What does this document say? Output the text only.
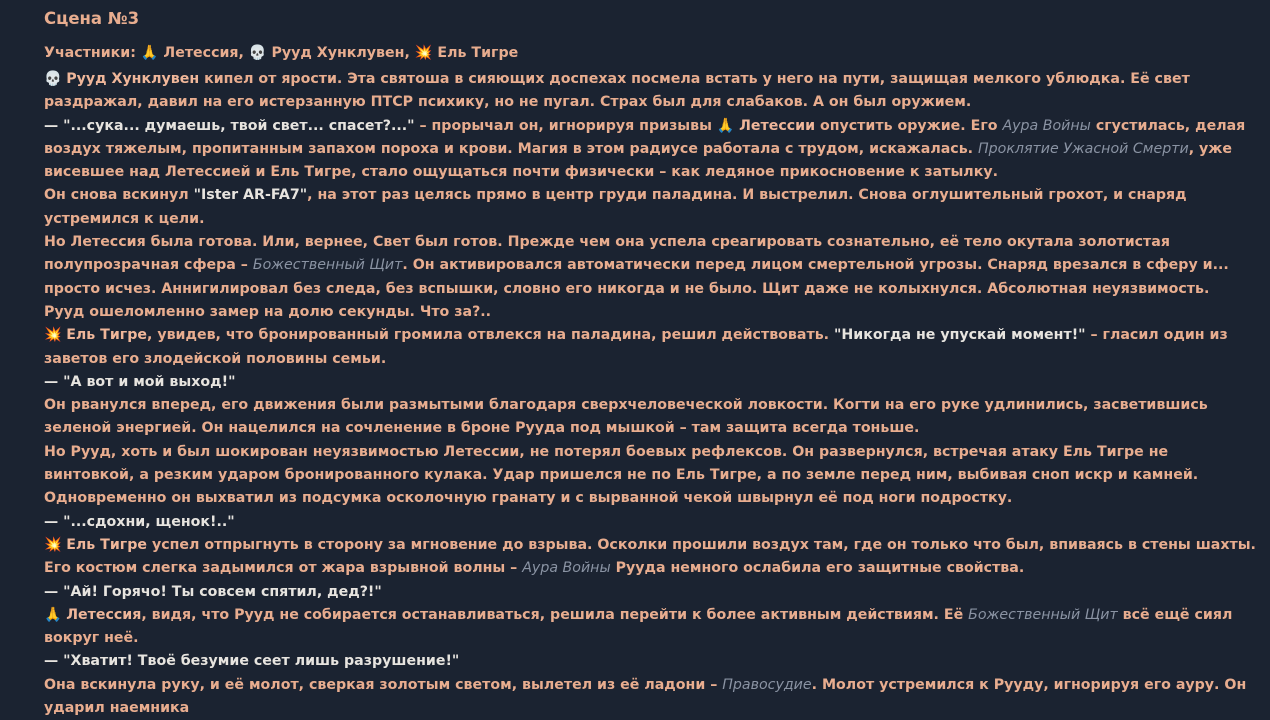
Сцена №3
Участники: 🙏 Летессия, 💀 Рууд Хунклувен, 💥 Ель Тигре

💀 Рууд Хунклувен кипел от ярости. Эта святоша в сияющих доспехах посмела встать у него на пути, защищая мелкого ублюдка. Её свет раздражал, давил на его истерзанную ПТСР психику, но не пугал. Страх был для слабаков. А он был оружием.

— "...сука... думаешь, твой свет... спасет?..." – прорычал он, игнорируя призывы 🙏 Летессии опустить оружие. Его Аура Войны сгустилась, делая воздух тяжелым, пропитанным запахом пороха и крови. Магия в этом радиусе работала с трудом, искажалась. Проклятие Ужасной Смерти, уже висевшее над Летессией и Ель Тигре, стало ощущаться почти физически – как ледяное прикосновение к затылку.

Он снова вскинул "Ister AR-FA7", на этот раз целясь прямо в центр груди паладина. И выстрелил. Снова оглушительный грохот, и снаряд устремился к цели.

Но Летессия была готова. Или, вернее, Свет был готов. Прежде чем она успела среагировать сознательно, её тело окутала золотистая полупрозрачная сфера – Божественный Щит. Он активировался автоматически перед лицом смертельной угрозы. Снаряд врезался в сферу и... просто исчез. Аннигилировал без следа, без вспышки, словно его никогда и не было. Щит даже не колыхнулся. Абсолютная неуязвимость.

Рууд ошеломленно замер на долю секунды. Что за?..

💥 Ель Тигре, увидев, что бронированный громила отвлекся на паладина, решил действовать. "Никогда не упускай момент!" – гласил один из заветов его злодейской половины семьи.

— "А вот и мой выход!"

Он рванулся вперед, его движения были размытыми благодаря сверхчеловеческой ловкости. Когти на его руке удлинились, засветившись зеленой энергией. Он нацелился на сочленение в броне Рууда под мышкой – там защита всегда тоньше.

Но Рууд, хоть и был шокирован неуязвимостью Летессии, не потерял боевых рефлексов. Он развернулся, встречая атаку Ель Тигре не винтовкой, а резким ударом бронированного кулака. Удар пришелся не по Ель Тигре, а по земле перед ним, выбивая сноп искр и камней. Одновременно он выхватил из подсумка осколочную гранату и с вырванной чекой швырнул её под ноги подростку.

— "...сдохни, щенок!.."

💥 Ель Тигре успел отпрыгнуть в сторону за мгновение до взрыва. Осколки прошили воздух там, где он только что был, впиваясь в стены шахты. Его костюм слегка задымился от жара взрывной волны – Аура Войны Рууда немного ослабила его защитные свойства.

— "Ай! Горячо! Ты совсем спятил, дед?!"

🙏 Летессия, видя, что Рууд не собирается останавливаться, решила перейти к более активным действиям. Её Божественный Щит всё ещё сиял вокруг неё.

— "Хватит! Твоё безумие сеет лишь разрушение!"

Она вскинула руку, и её молот, сверкая золотым светом, вылетел из её ладони – Правосудие. Молот устремился к Рууду, игнорируя его ауру. Он ударил наемника
